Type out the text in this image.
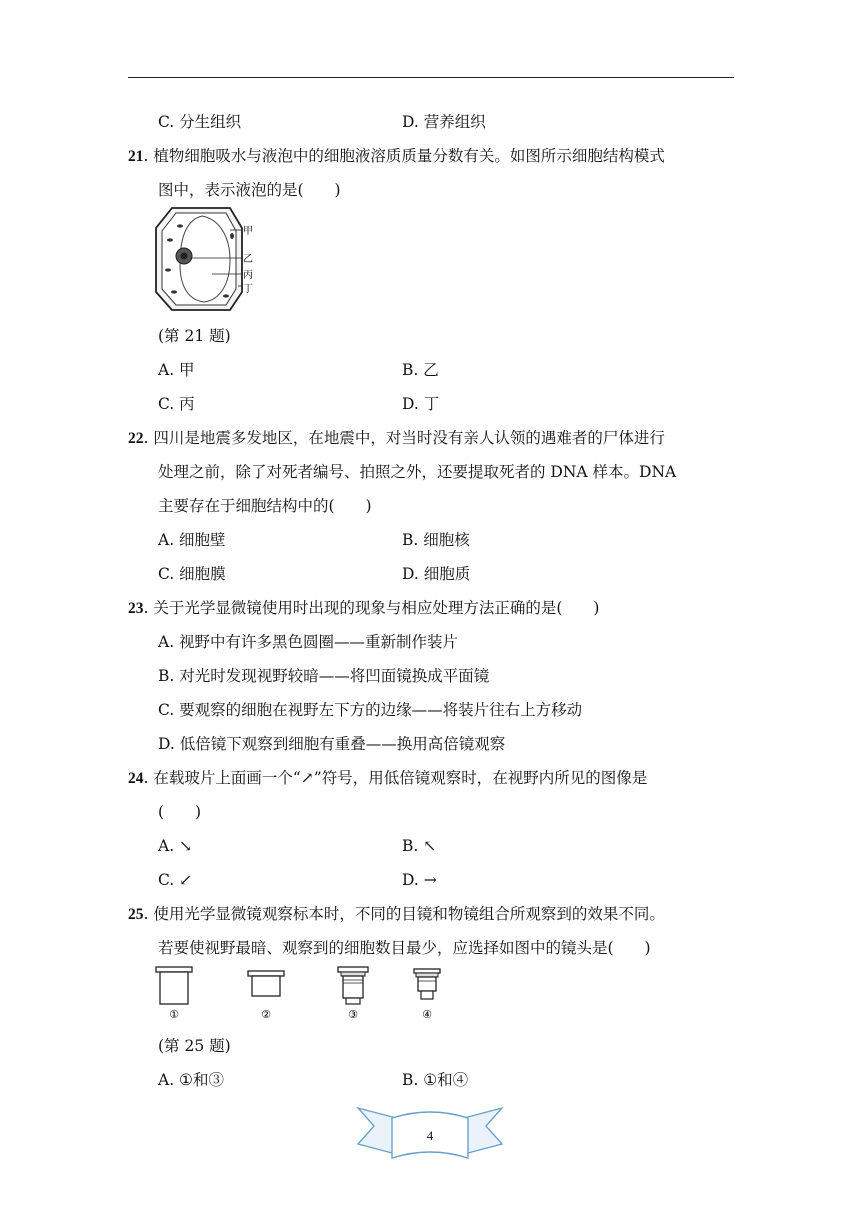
C. 分生组织	D. 营养组织
21. 植物细胞吸水与液泡中的细胞液溶质质量分数有关。如图所示细胞结构模式
图中，表示液泡的是(　　)
甲
乙
丙
丁
(第 21 题)
A. 甲	B. 乙
C. 丙	D. 丁
22. 四川是地震多发地区，在地震中，对当时没有亲人认领的遇难者的尸体进行
处理之前，除了对死者编号、拍照之外，还要提取死者的 DNA 样本。DNA
主要存在于细胞结构中的(　　)
A. 细胞壁	B. 细胞核
C. 细胞膜	D. 细胞质
23. 关于光学显微镜使用时出现的现象与相应处理方法正确的是(　　)
A. 视野中有许多黑色圆圈——重新制作装片
B. 对光时发现视野较暗——将凹面镜换成平面镜
C. 要观察的细胞在视野左下方的边缘——将装片往右上方移动
D. 低倍镜下观察到细胞有重叠——换用高倍镜观察
24. 在载玻片上面画一个“↗”符号，用低倍镜观察时，在视野内所见的图像是
(　　)
A. ↘	B. ↖
C. ↙	D. →
25. 使用光学显微镜观察标本时，不同的目镜和物镜组合所观察到的效果不同。
若要使视野最暗、观察到的细胞数目最少，应选择如图中的镜头是(　　)
①	②	③	④
(第 25 题)
A. ①和③	B. ①和④
4
